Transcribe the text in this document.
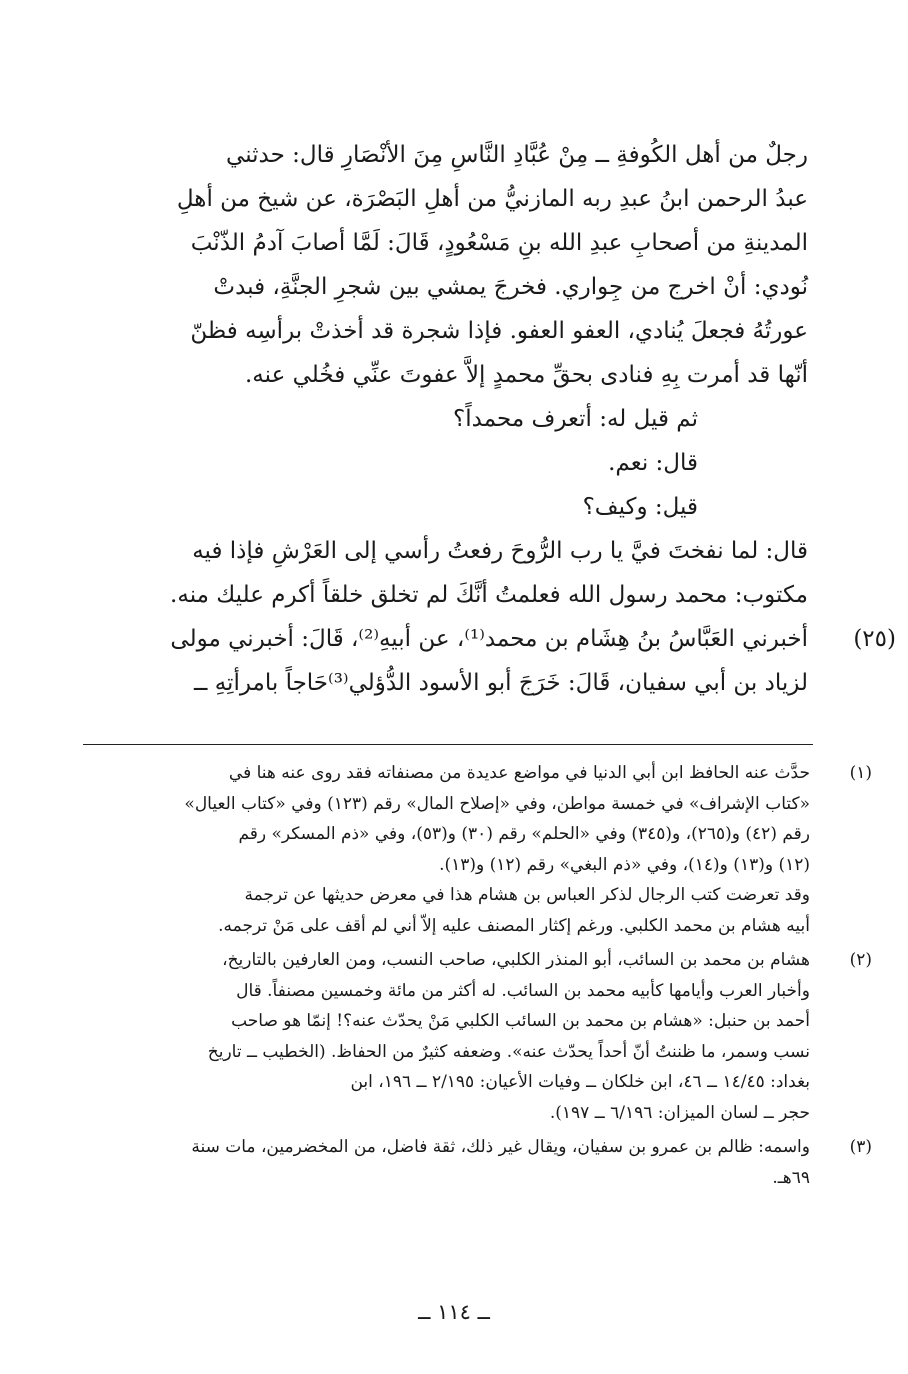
رجلٌ من أهل الكُوفةِ ــ مِنْ عُبَّادِ النَّاسِ مِنَ الأنْصَارِ قال: حدثني

عبدُ الرحمن ابنُ عبدِ ربه المازنيُّ من أهلِ البَصْرَة، عن شيخ من أهلِ

المدينةِ من أصحابِ عبدِ الله بنِ مَسْعُودٍ، قَالَ: لَمَّا أصابَ آدمُ الذّنْبَ

نُودي: أنْ اخرج من جِواري. فخرجَ يمشي بين شجرِ الجنَّةِ، فبدتْ

عورتُهُ فجعلَ يُنادي، العفو العفو. فإذا شجرة قد أخذتْ برأسِه فظنّ

أنّها قد أمرت بِهِ فنادى بحقِّ محمدٍ إلاَّ عفوتَ عنِّي فخُلي عنه.

ثم قيل له: أتعرف محمداً؟

قال: نعم.

قيل: وكيف؟

قال: لما نفختَ فيَّ يا رب الرُّوحَ رفعتُ رأسي إلى العَرْشِ فإذا فيه

مكتوب: محمد رسول الله فعلمتُ أنَّكَ لم تخلق خلقاً أكرم عليك منه.

(٢٥)

أخبرني العَبَّاسُ بنُ هِشَام بن محمد⁽¹⁾، عن أبيهِ⁽²⁾، قَالَ: أخبرني مولى

لزياد بن أبي سفيان، قَالَ: خَرَجَ أبو الأسود الدُّؤلي⁽³⁾حَاجاً بامرأتِهِ ــ

(١)

حدَّث عنه الحافظ ابن أبي الدنيا في مواضع عديدة من مصنفاته فقد روى عنه هنا في

«كتاب الإشراف» في خمسة مواطن، وفي «إصلاح المال» رقم (١٢٣) وفي «كتاب العيال»

رقم (٤٢) و(٢٦٥)، و(٣٤٥) وفي «الحلم» رقم (٣٠) و(٥٣)، وفي «ذم المسكر» رقم

(١٢) و(١٣) و(١٤)، وفي «ذم البغي» رقم (١٢) و(١٣).

وقد تعرضت كتب الرجال لذكر العباس بن هشام هذا في معرض حديثها عن ترجمة

أبيه هشام بن محمد الكلبي. ورغم إكثار المصنف عليه إلاّ أني لم أقف على مَنْ ترجمه.

(٢)

هشام بن محمد بن السائب، أبو المنذر الكلبي، صاحب النسب، ومن العارفين بالتاريخ،

وأخبار العرب وأيامها كأبيه محمد بن السائب. له أكثر من مائة وخمسين مصنفاً. قال

أحمد بن حنبل: «هشام بن محمد بن السائب الكلبي مَنْ يحدّث عنه؟! إنمّا هو صاحب

نسب وسمر، ما ظننتُ أنّ أحداً يحدّث عنه». وضعفه كثيرٌ من الحفاظ. (الخطيب ــ تاريخ

بغداد: ١٤/٤٥ ــ ٤٦، ابن خلكان ــ وفيات الأعيان: ٢/١٩٥ ــ ١٩٦، ابن

حجر ــ لسان الميزان: ٦/١٩٦ ــ ١٩٧).

(٣)

واسمه: ظالم بن عمرو بن سفيان، ويقال غير ذلك، ثقة فاضل، من المخضرمين، مات سنة

٦٩هـ.

ــ ١١٤ ــ
